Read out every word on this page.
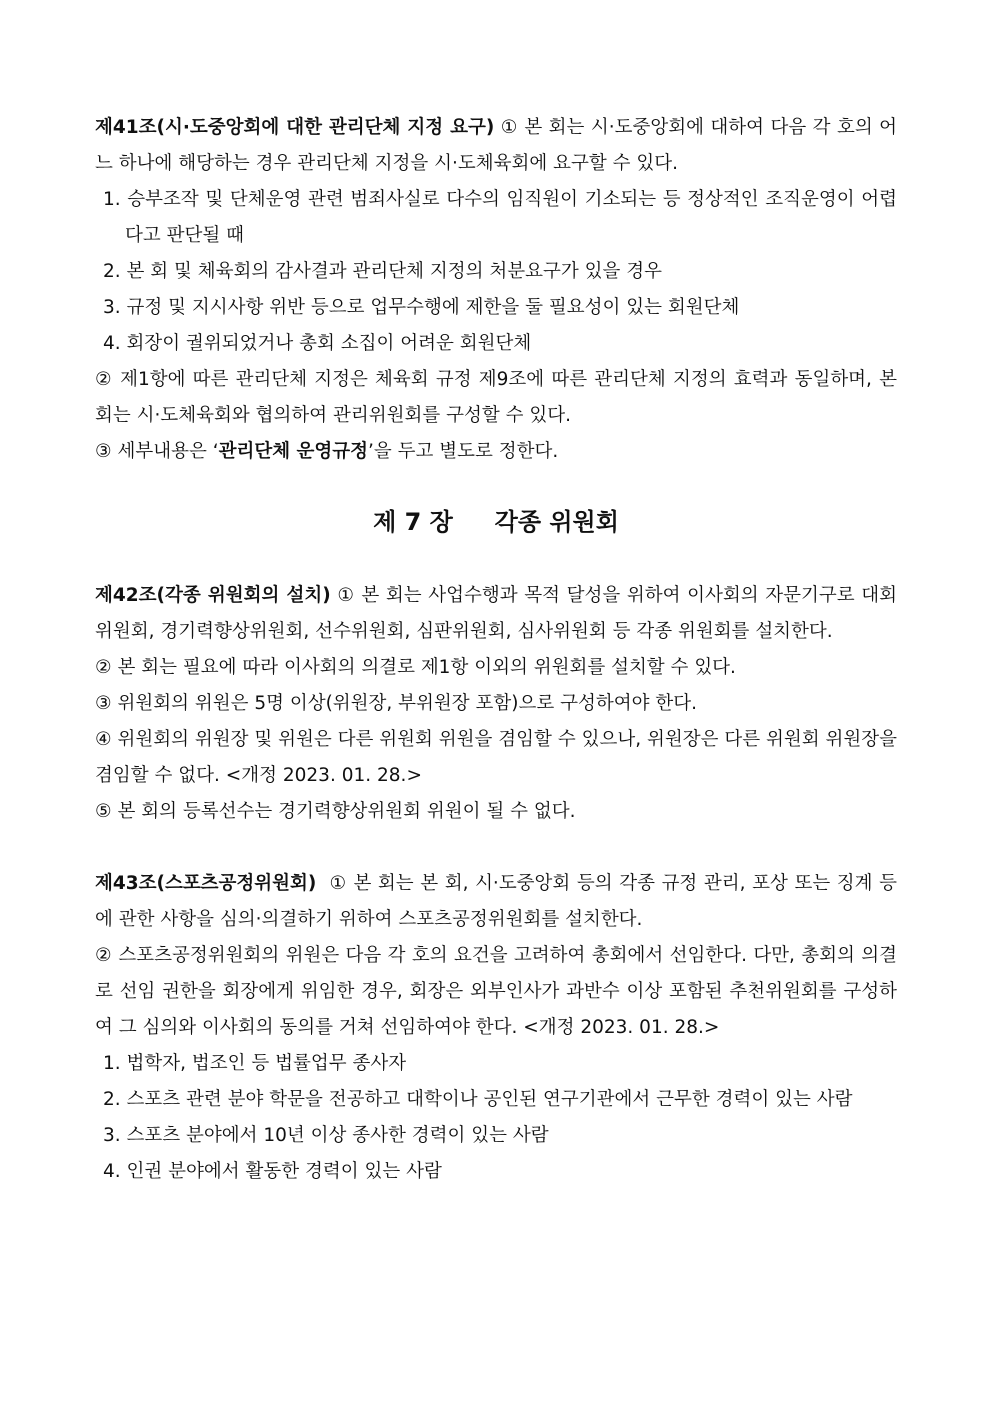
제41조(시·도중앙회에 대한 관리단체 지정 요구) ① 본 회는 시·도중앙회에 대하여 다음 각 호의 어느 하나에 해당하는 경우 관리단체 지정을 시·도체육회에 요구할 수 있다.

1. 승부조작 및 단체운영 관련 범죄사실로 다수의 임직원이 기소되는 등 정상적인 조직운영이 어렵다고 판단될 때

2. 본 회 및 체육회의 감사결과 관리단체 지정의 처분요구가 있을 경우

3. 규정 및 지시사항 위반 등으로 업무수행에 제한을 둘 필요성이 있는 회원단체

4. 회장이 궐위되었거나 총회 소집이 어려운 회원단체

② 제1항에 따른 관리단체 지정은 체육회 규정 제9조에 따른 관리단체 지정의 효력과 동일하며, 본 회는 시·도체육회와 협의하여 관리위원회를 구성할 수 있다.

③ 세부내용은 ‘관리단체 운영규정’을 두고 별도로 정한다.

제 7 장     각종 위원회

제42조(각종 위원회의 설치) ① 본 회는 사업수행과 목적 달성을 위하여 이사회의 자문기구로 대회위원회, 경기력향상위원회, 선수위원회, 심판위원회, 심사위원회 등 각종 위원회를 설치한다.

② 본 회는 필요에 따라 이사회의 의결로 제1항 이외의 위원회를 설치할 수 있다.

③ 위원회의 위원은 5명 이상(위원장, 부위원장 포함)으로 구성하여야 한다.

④ 위원회의 위원장 및 위원은 다른 위원회 위원을 겸임할 수 있으나, 위원장은 다른 위원회 위원장을 겸임할 수 없다. <개정 2023. 01. 28.>

⑤ 본 회의 등록선수는 경기력향상위원회 위원이 될 수 없다.

제43조(스포츠공정위원회)  ① 본 회는 본 회, 시·도중앙회 등의 각종 규정 관리, 포상 또는 징계 등에 관한 사항을 심의·의결하기 위하여 스포츠공정위원회를 설치한다.

② 스포츠공정위원회의 위원은 다음 각 호의 요건을 고려하여 총회에서 선임한다. 다만, 총회의 의결로 선임 권한을 회장에게 위임한 경우, 회장은 외부인사가 과반수 이상 포함된 추천위원회를 구성하여 그 심의와 이사회의 동의를 거쳐 선임하여야 한다. <개정 2023. 01. 28.>

1. 법학자, 법조인 등 법률업무 종사자

2. 스포츠 관련 분야 학문을 전공하고 대학이나 공인된 연구기관에서 근무한 경력이 있는 사람

3. 스포츠 분야에서 10년 이상 종사한 경력이 있는 사람

4. 인권 분야에서 활동한 경력이 있는 사람
